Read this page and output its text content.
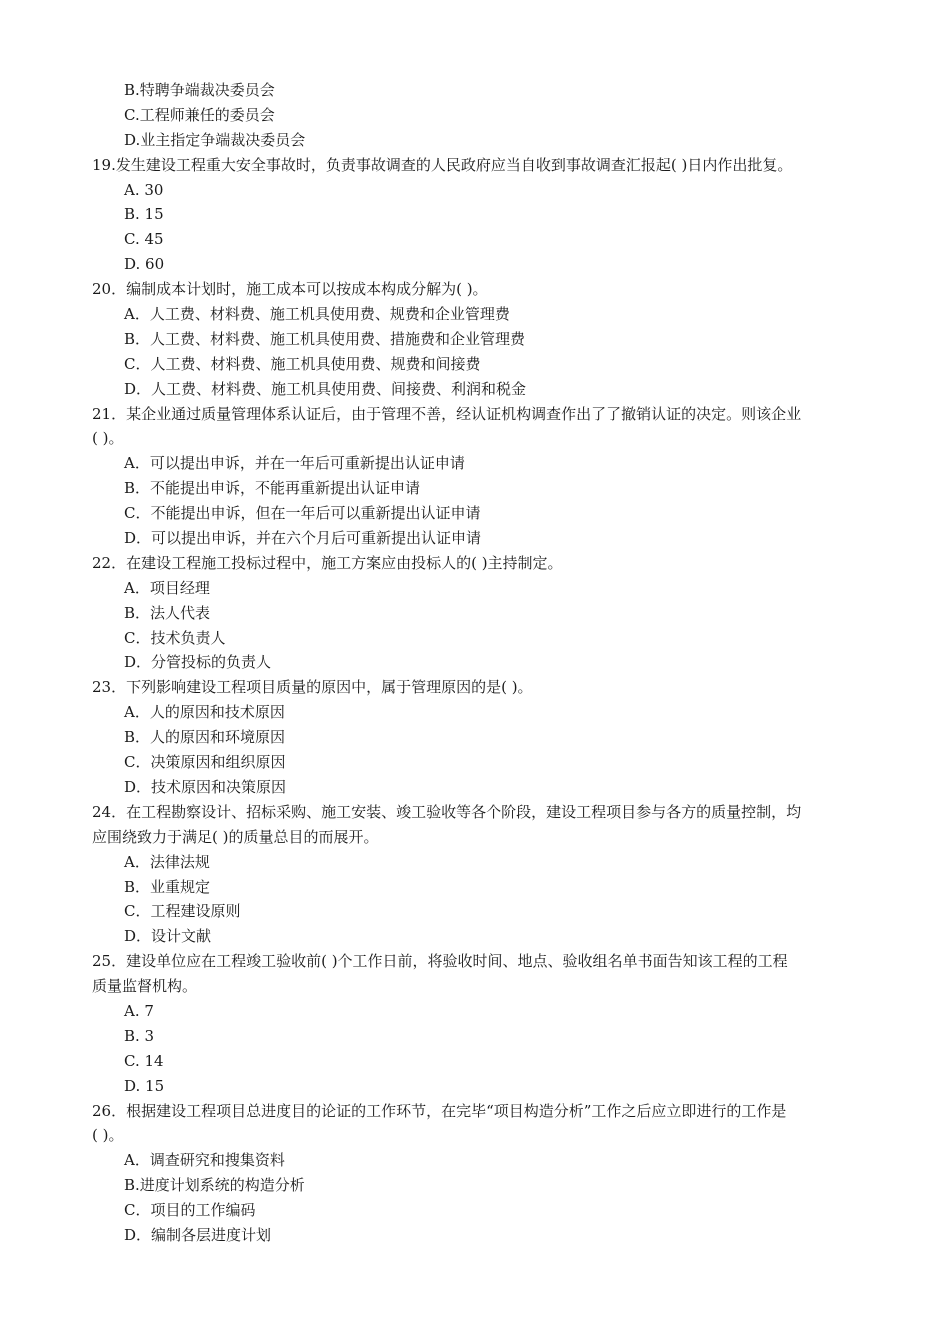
B.特聘争端裁决委员会
C.工程师兼任的委员会
D.业主指定争端裁决委员会
19.发生建设工程重大安全事故时，负责事故调查的人民政府应当自收到事故调查汇报起( )日内作出批复。
A. 30
B. 15
C. 45
D. 60
20．编制成本计划时，施工成本可以按成本构成分解为( )。
A．人工费、材料费、施工机具使用费、规费和企业管理费
B．人工费、材料费、施工机具使用费、措施费和企业管理费
C．人工费、材料费、施工机具使用费、规费和间接费
D．人工费、材料费、施工机具使用费、间接费、利润和税金
21．某企业通过质量管理体系认证后，由于管理不善，经认证机构调查作出了了撤销认证的决定。则该企业
( )。
A．可以提出申诉，并在一年后可重新提出认证申请
B．不能提出申诉，不能再重新提出认证申请
C．不能提出申诉，但在一年后可以重新提出认证申请
D．可以提出申诉，并在六个月后可重新提出认证申请
22．在建设工程施工投标过程中，施工方案应由投标人的( )主持制定。
A．项目经理
B．法人代表
C．技术负责人
D．分管投标的负责人
23．下列影响建设工程项目质量的原因中，属于管理原因的是( )。
A．人的原因和技术原因
B．人的原因和环境原因
C．决策原因和组织原因
D．技术原因和决策原因
24．在工程勘察设计、招标采购、施工安装、竣工验收等各个阶段，建设工程项目参与各方的质量控制，均
应围绕致力于满足( )的质量总目的而展开。
A．法律法规
B．业重规定
C．工程建设原则
D．设计文献
25．建设单位应在工程竣工验收前( )个工作日前，将验收时间、地点、验收组名单书面告知该工程的工程
质量监督机构。
A. 7
B. 3
C. 14
D. 15
26．根据建设工程项目总进度目的论证的工作环节，在完毕“项目构造分析”工作之后应立即进行的工作是
( )。
A．调查研究和搜集资料
B.进度计划系统的构造分析
C．项目的工作编码
D．编制各层进度计划
